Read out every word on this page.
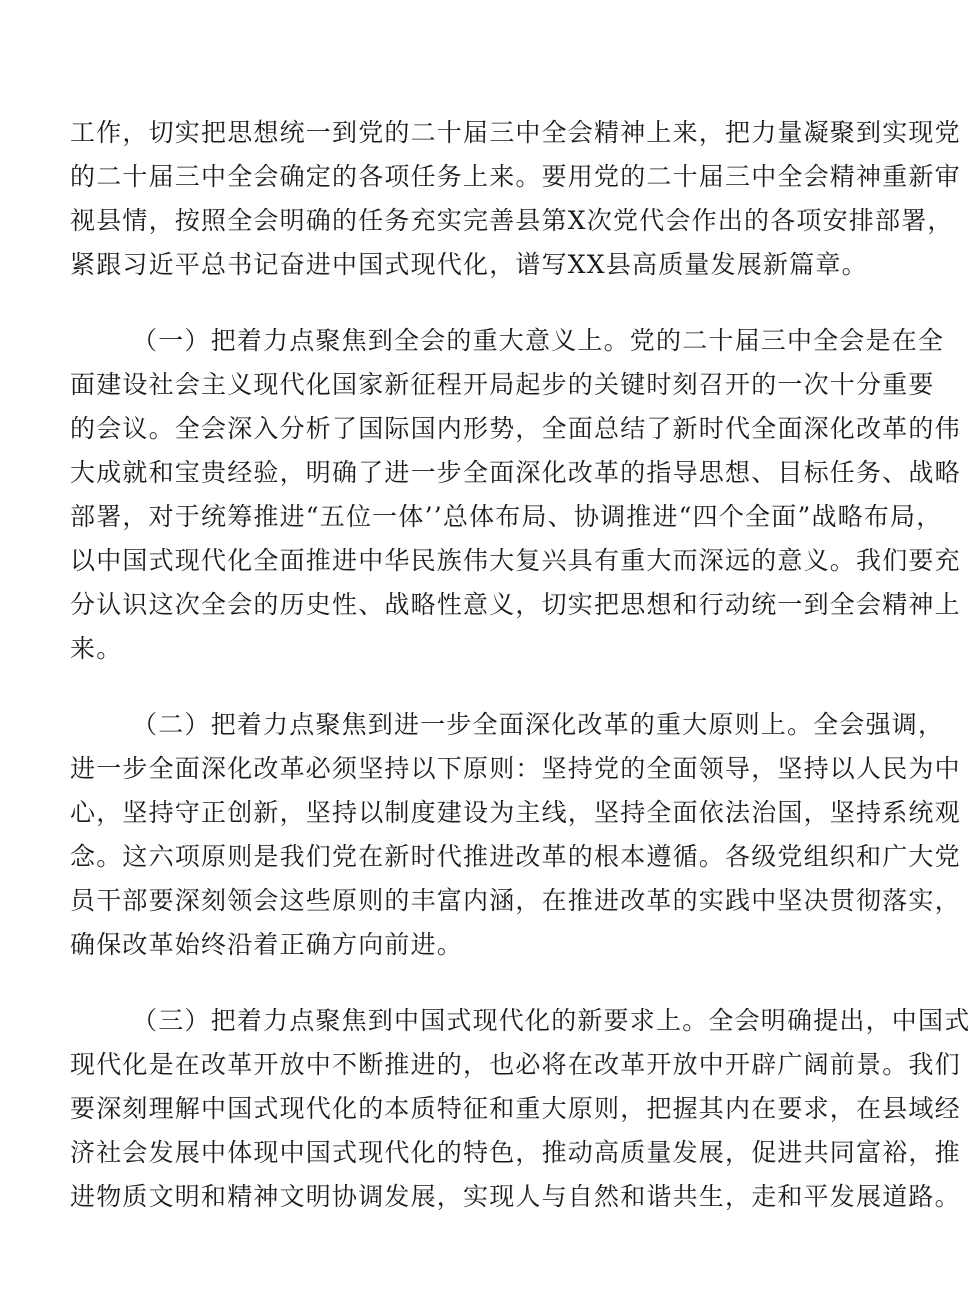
工作，切实把思想统一到党的二十届三中全会精神上来，把力量凝聚到实现党
的二十届三中全会确定的各项任务上来。要用党的二十届三中全会精神重新审
视县情，按照全会明确的任务充实完善县第X次党代会作出的各项安排部署，
紧跟习近平总书记奋进中国式现代化，谱写XX县高质量发展新篇章。
（一）把着力点聚焦到全会的重大意义上。党的二十届三中全会是在全
面建设社会主义现代化国家新征程开局起步的关键时刻召开的一次十分重要
的会议。全会深入分析了国际国内形势，全面总结了新时代全面深化改革的伟
大成就和宝贵经验，明确了进一步全面深化改革的指导思想、目标任务、战略
部署，对于统筹推进“五位一体’’总体布局、协调推进“四个全面”战略布局，
以中国式现代化全面推进中华民族伟大复兴具有重大而深远的意义。我们要充
分认识这次全会的历史性、战略性意义，切实把思想和行动统一到全会精神上
来。
（二）把着力点聚焦到进一步全面深化改革的重大原则上。全会强调，
进一步全面深化改革必须坚持以下原则：坚持党的全面领导，坚持以人民为中
心，坚持守正创新，坚持以制度建设为主线，坚持全面依法治国，坚持系统观
念。这六项原则是我们党在新时代推进改革的根本遵循。各级党组织和广大党
员干部要深刻领会这些原则的丰富内涵，在推进改革的实践中坚决贯彻落实，
确保改革始终沿着正确方向前进。
（三）把着力点聚焦到中国式现代化的新要求上。全会明确提出，中国式
现代化是在改革开放中不断推进的，也必将在改革开放中开辟广阔前景。我们
要深刻理解中国式现代化的本质特征和重大原则，把握其内在要求，在县域经
济社会发展中体现中国式现代化的特色，推动高质量发展，促进共同富裕，推
进物质文明和精神文明协调发展，实现人与自然和谐共生，走和平发展道路。
